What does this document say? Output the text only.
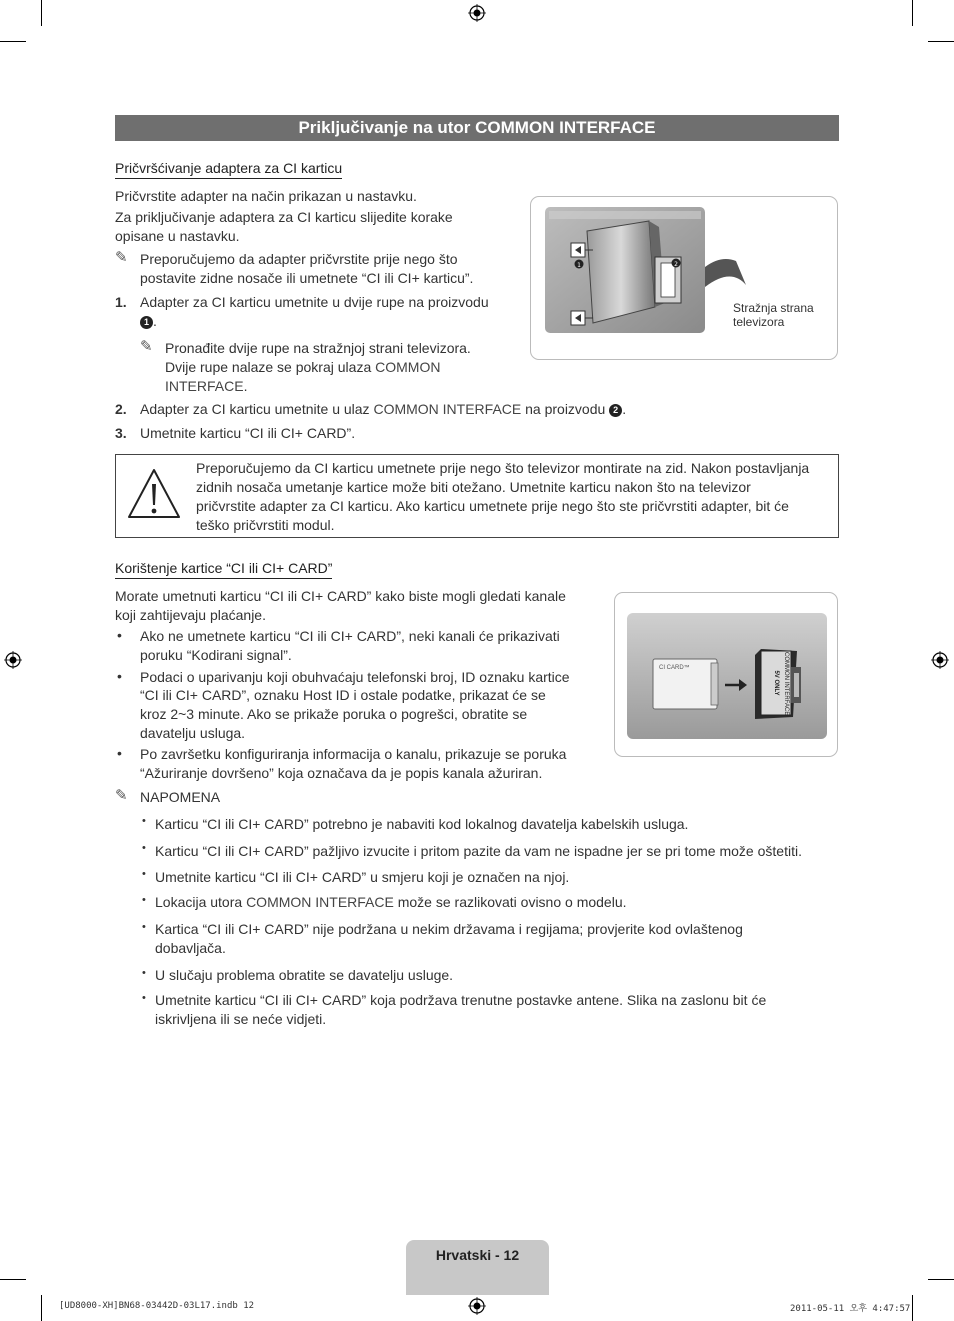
Priključivanje na utor COMMON INTERFACE
Pričvršćivanje adaptera za CI karticu

Pričvrstite adapter na način prikazan u nastavku.

Za priključivanje adaptera za CI karticu slijedite korake

opisane u nastavku.

✎ Preporučujemo da adapter pričvrstite prije nego što

postavite zidne nosače ili umetnete “CI ili CI+ karticu”.

1. Adapter za CI karticu umetnite u dvije rupe na proizvodu

1 .

✎ Pronađite dvije rupe na stražnjoj strani televizora.

Dvije rupe nalaze se pokraj ulaza COMMON

INTERFACE.

2. Adapter za CI karticu umetnite u ulaz COMMON INTERFACE na proizvodu 2 .

3. Umetnite karticu “CI ili CI+ CARD”.

1	2
Stražnja strana
televizora

Preporučujemo da CI karticu umetnete prije nego što televizor montirate na zid. Nakon postavljanja

zidnih nosača umetanje kartice može biti otežano. Umetnite karticu nakon što na televizor

pričvrstite adapter za CI karticu. Ako karticu umetnete prije nego što ste pričvrstiti adapter, bit će

teško pričvrstiti modul.

Korištenje kartice “CI ili CI+ CARD”

Morate umetnuti karticu “CI ili CI+ CARD” kako biste mogli gledati kanale

koji zahtijevaju plaćanje.

• Ako ne umetnete karticu “CI ili CI+ CARD”, neki kanali će prikazivati

poruku “Kodirani signal”.

• Podaci o uparivanju koji obuhvaćaju telefonski broj, ID oznaku kartice

“CI ili CI+ CARD”, oznaku Host ID i ostale podatke, prikazat će se

kroz 2~3 minute. Ako se prikaže poruka o pogrešci, obratite se

davatelju usluga.

• Po završetku konfiguriranja informacija o kanalu, prikazuje se poruka

“Ažuriranje dovršeno” koja označava da je popis kanala ažuriran.

✎ NAPOMENA

• Karticu “CI ili CI+ CARD” potrebno je nabaviti kod lokalnog davatelja kabelskih usluga.

• Karticu “CI ili CI+ CARD” pažljivo izvucite i pritom pazite da vam ne ispadne jer se pri tome može oštetiti.

• Umetnite karticu “CI ili CI+ CARD” u smjeru koji je označen na njoj.

• Lokacija utora COMMON INTERFACE može se razlikovati ovisno o modelu.

• Kartica “CI ili CI+ CARD” nije podržana u nekim državama i regijama; provjerite kod ovlaštenog

dobavljača.

• U slučaju problema obratite se davatelju usluge.

• Umetnite karticu “CI ili CI+ CARD” koja podržava trenutne postavke antene. Slika na zaslonu bit će

iskrivljena ili se neće vidjeti.

CI CARD™	COMMON INTERFACE
5V ONLY
Hrvatski - 12
[UD8000-XH]BN68-03442D-03L17.indb 12	2011-05-11 오후 4:47:57
